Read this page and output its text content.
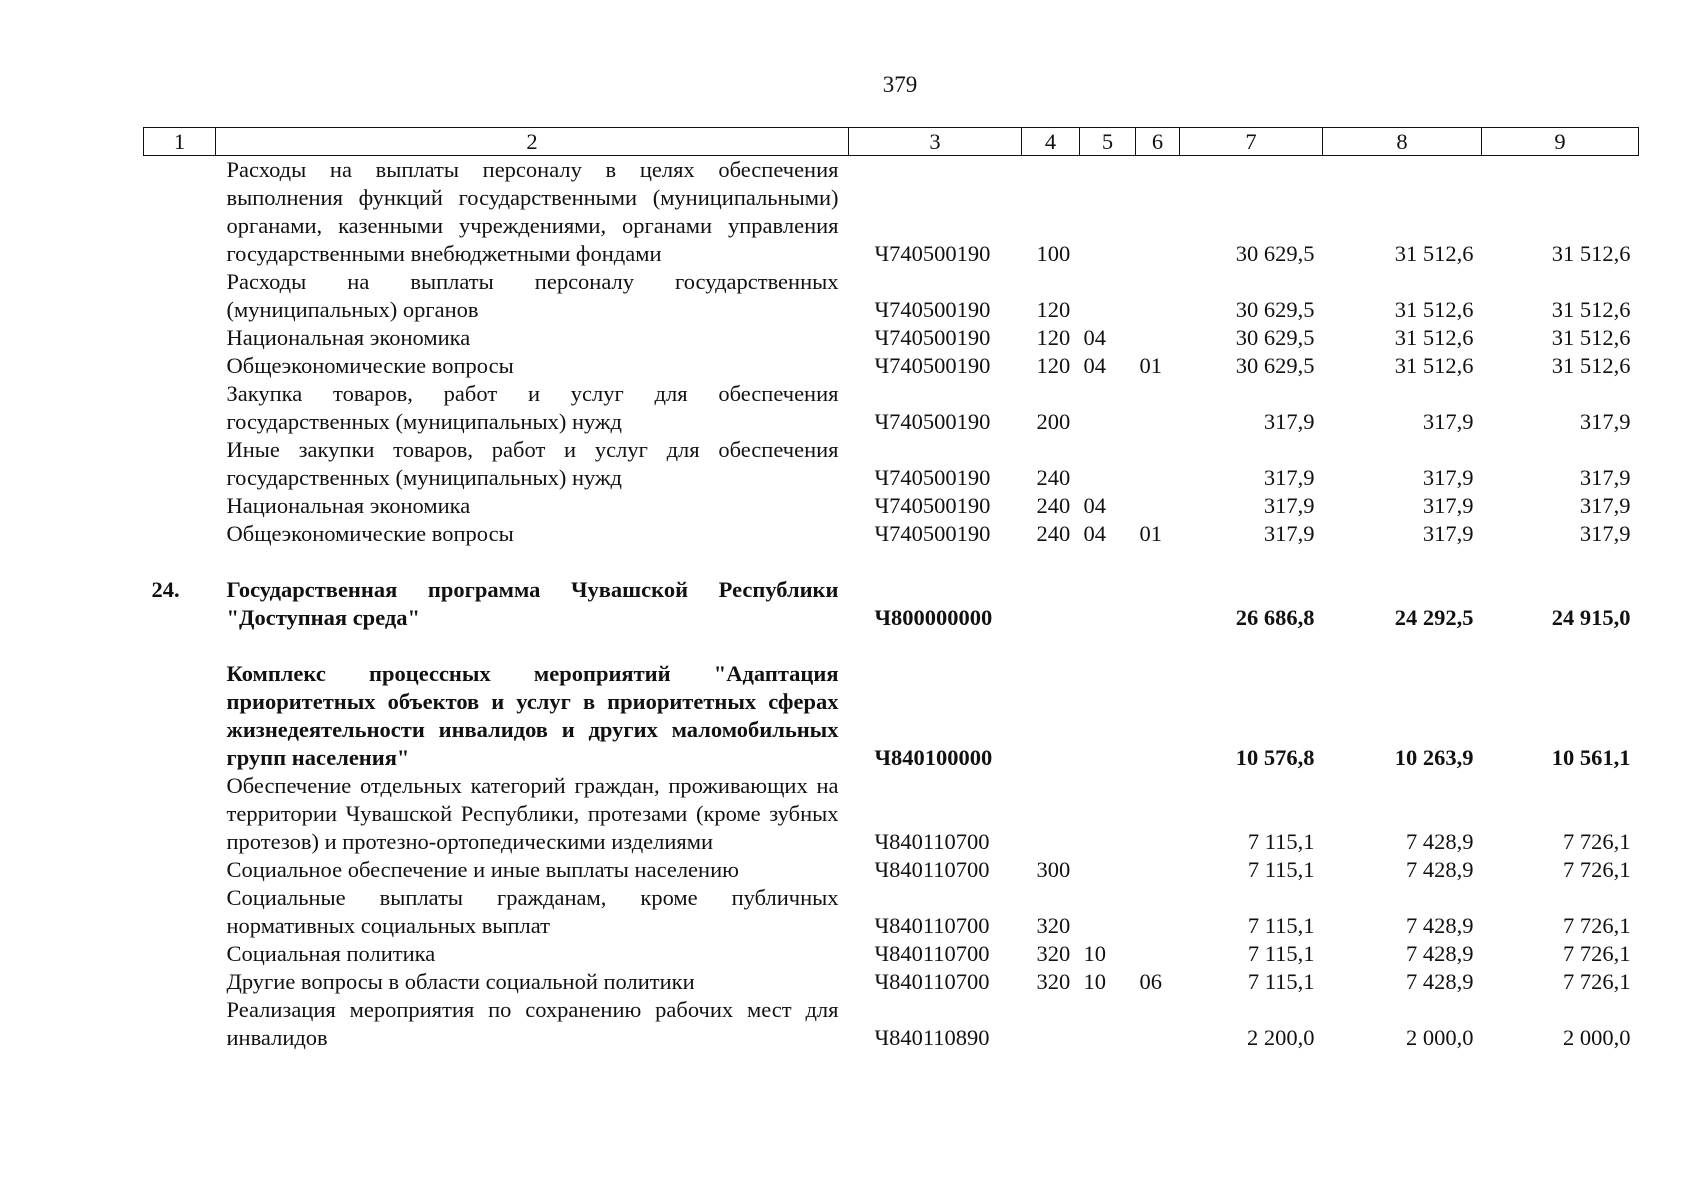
379
1	2	3	4	5	6	7	8	9
	Расходы на выплаты персоналу в целях обеспечения выполнения функций государственными (муниципальными) органами, казенными учреждениями, органами управления государственными внебюджетными фондами	Ч740500190	100			30 629,5	31 512,6	31 512,6
	Расходы на выплаты персоналу государственных (муниципальных) органов	Ч740500190	120			30 629,5	31 512,6	31 512,6
	Национальная экономика	Ч740500190	120	04		30 629,5	31 512,6	31 512,6
	Общеэкономические вопросы	Ч740500190	120	04	01	30 629,5	31 512,6	31 512,6
	Закупка товаров, работ и услуг для обеспечения государственных (муниципальных) нужд	Ч740500190	200			317,9	317,9	317,9
	Иные закупки товаров, работ и услуг для обеспечения государственных (муниципальных) нужд	Ч740500190	240			317,9	317,9	317,9
	Национальная экономика	Ч740500190	240	04		317,9	317,9	317,9
	Общеэкономические вопросы	Ч740500190	240	04	01	317,9	317,9	317,9

24.	Государственная программа Чувашской Республики "Доступная среда"	Ч800000000				26 686,8	24 292,5	24 915,0

	Комплекс процессных мероприятий "Адаптация приоритетных объектов и услуг в приоритетных сферах жизнедеятельности инвалидов и других маломобильных групп населения"	Ч840100000				10 576,8	10 263,9	10 561,1
	Обеспечение отдельных категорий граждан, проживающих на территории Чувашской Республики, протезами (кроме зубных протезов) и протезно-ортопедическими изделиями	Ч840110700				7 115,1	7 428,9	7 726,1
	Социальное обеспечение и иные выплаты населению	Ч840110700	300			7 115,1	7 428,9	7 726,1
	Социальные выплаты гражданам, кроме публичных нормативных социальных выплат	Ч840110700	320			7 115,1	7 428,9	7 726,1
	Социальная политика	Ч840110700	320	10		7 115,1	7 428,9	7 726,1
	Другие вопросы в области социальной политики	Ч840110700	320	10	06	7 115,1	7 428,9	7 726,1
	Реализация мероприятия по сохранению рабочих мест для инвалидов	Ч840110890				2 200,0	2 000,0	2 000,0
